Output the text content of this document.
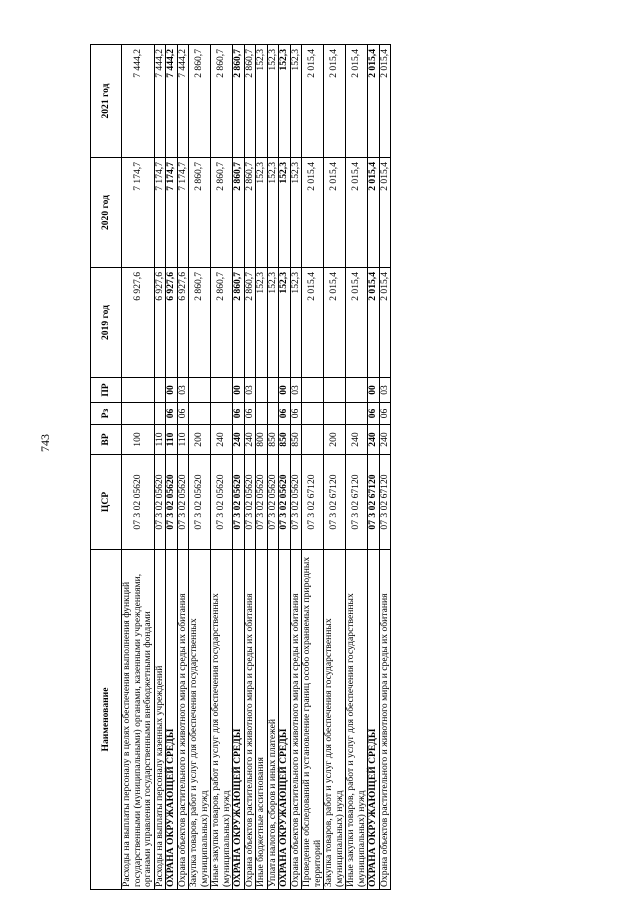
743
Наименование	ЦСР	ВР	Рз	ПР	2019 год	2020 год	2021 год
Расходы на выплаты персоналу в целях обеспечения выполнения функций государственными (муниципальными) органами, казенными учреждениями, органами управления государственными внебюджетными фондами	07 3 02 05620	100			6 927,6	7 174,7	7 444,2
Расходы на выплаты персоналу казенных учреждений	07 3 02 05620	110			6 927,6	7 174,7	7 444,2
ОХРАНА ОКРУЖАЮЩЕЙ СРЕДЫ	07 3 02 05620	110	06	00	6 927,6	7 174,7	7 444,2
Охрана объектов растительного и животного мира и среды их обитания	07 3 02 05620	110	06	03	6 927,6	7 174,7	7 444,2
Закупка товаров, работ и услуг для обеспечения государственных (муниципальных) нужд	07 3 02 05620	200			2 860,7	2 860,7	2 860,7
Иные закупки товаров, работ и услуг для обеспечения государственных (муниципальных) нужд	07 3 02 05620	240			2 860,7	2 860,7	2 860,7
ОХРАНА ОКРУЖАЮЩЕЙ СРЕДЫ	07 3 02 05620	240	06	00	2 860,7	2 860,7	2 860,7
Охрана объектов растительного и животного мира и среды их обитания	07 3 02 05620	240	06	03	2 860,7	2 860,7	2 860,7
Иные бюджетные ассигнования	07 3 02 05620	800			152,3	152,3	152,3
Уплата налогов, сборов и иных платежей	07 3 02 05620	850			152,3	152,3	152,3
ОХРАНА ОКРУЖАЮЩЕЙ СРЕДЫ	07 3 02 05620	850	06	00	152,3	152,3	152,3
Охрана объектов растительного и животного мира и среды их обитания	07 3 02 05620	850	06	03	152,3	152,3	152,3
Проведение обследований и установление границ особо охраняемых природных территорий	07 3 02 67120				2 015,4	2 015,4	2 015,4
Закупка товаров, работ и услуг для обеспечения государственных (муниципальных) нужд	07 3 02 67120	200			2 015,4	2 015,4	2 015,4
Иные закупки товаров, работ и услуг для обеспечения государственных (муниципальных) нужд	07 3 02 67120	240			2 015,4	2 015,4	2 015,4
ОХРАНА ОКРУЖАЮЩЕЙ СРЕДЫ	07 3 02 67120	240	06	00	2 015,4	2 015,4	2 015,4
Охрана объектов растительного и животного мира и среды их обитания	07 3 02 67120	240	06	03	2 015,4	2 015,4	2 015,4
